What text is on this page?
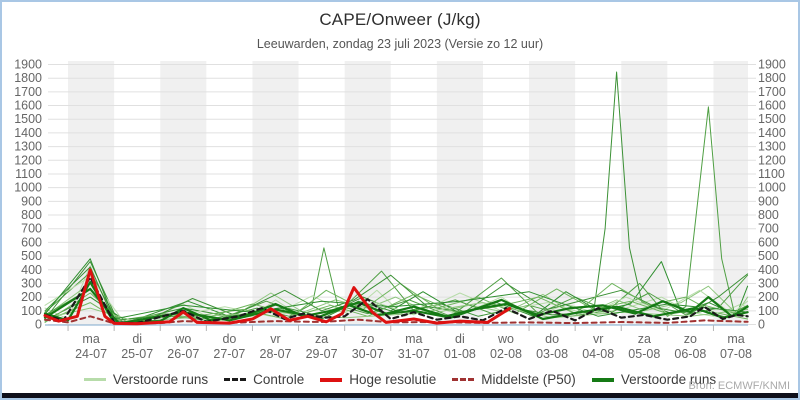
CAPE/Onweer (J/kg)
Leeuwarden, zondag 23 juli 2023 (Versie zo 12 uur)
0	0
100	100
200	200
300	300
400	400
500	500
600	600
700	700
800	800
900	900
1000	1000
1100	1100
1200	1200
1300	1300
1400	1400
1500	1500
1600	1600
1700	1700
1800	1800
1900	1900
ma
24-07
di
25-07
wo
26-07
do
27-07
vr
28-07
za
29-07
zo
30-07
ma
31-07
di
01-08
wo
02-08
do
03-08
vr
04-08
za
05-08
zo
06-08
ma
07-08
Verstoorde runs	Controle	Hoge resolutie	Middelste (P50)	Verstoorde runs
Bron: ECMWF/KNMI
